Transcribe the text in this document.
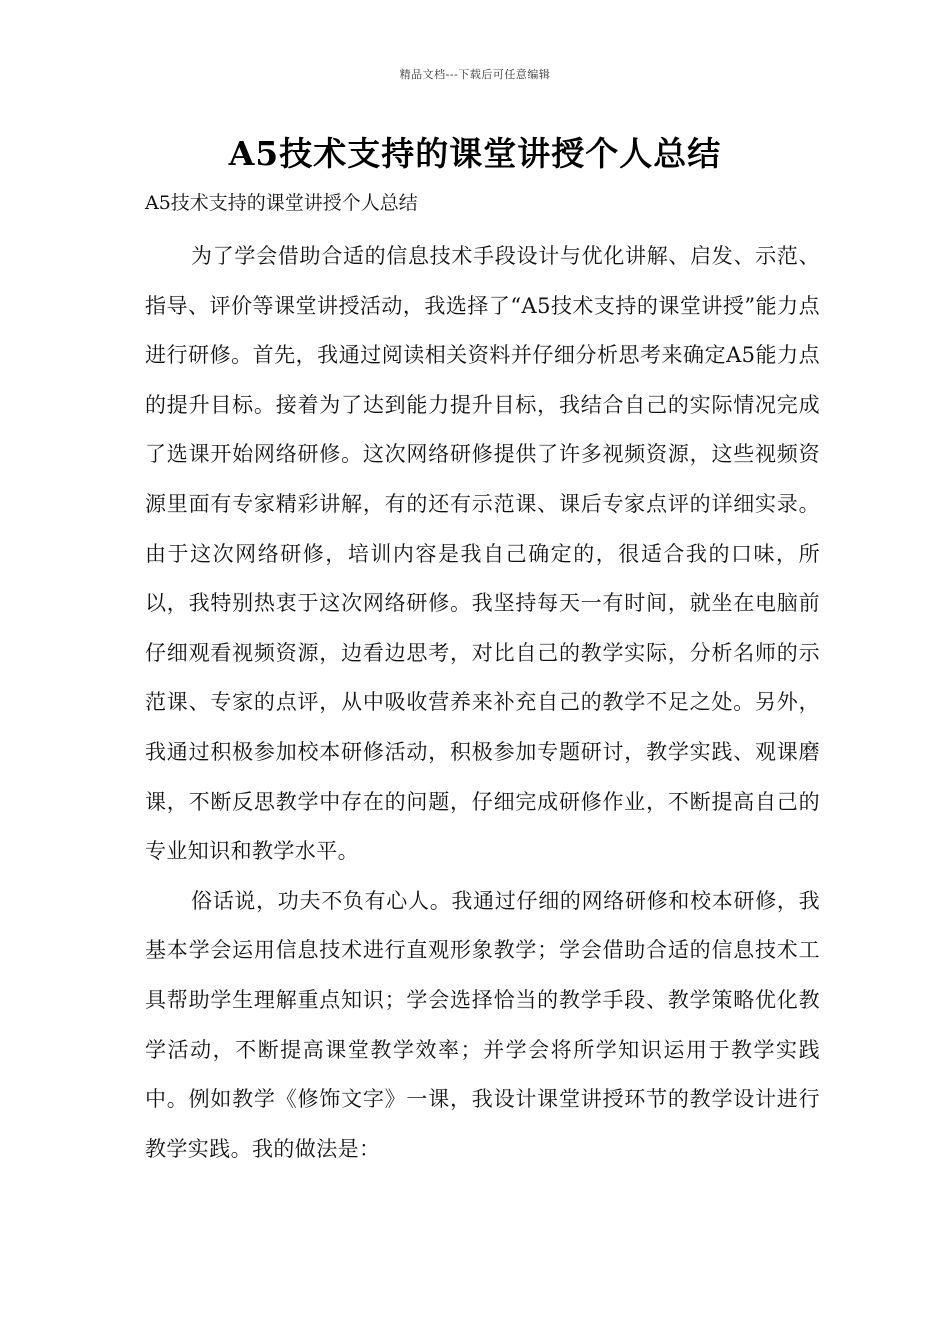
精品文档---下载后可任意编辑
A5技术支持的课堂讲授个人总结
A5技术支持的课堂讲授个人总结

为了学会借助合适的信息技术手段设计与优化讲解、启发、示范、指导、评价等课堂讲授活动，我选择了“A5技术支持的课堂讲授”能力点进行研修。首先，我通过阅读相关资料并仔细分析思考来确定A5能力点的提升目标。接着为了达到能力提升目标，我结合自己的实际情况完成了选课开始网络研修。这次网络研修提供了许多视频资源，这些视频资源里面有专家精彩讲解，有的还有示范课、课后专家点评的详细实录。由于这次网络研修，培训内容是我自己确定的，很适合我的口味，所以，我特别热衷于这次网络研修。我坚持每天一有时间，就坐在电脑前仔细观看视频资源，边看边思考，对比自己的教学实际，分析名师的示范课、专家的点评，从中吸收营养来补充自己的教学不足之处。另外，我通过积极参加校本研修活动，积极参加专题研讨，教学实践、观课磨课，不断反思教学中存在的问题，仔细完成研修作业，不断提高自己的专业知识和教学水平。

俗话说，功夫不负有心人。我通过仔细的网络研修和校本研修，我基本学会运用信息技术进行直观形象教学；学会借助合适的信息技术工具帮助学生理解重点知识；学会选择恰当的教学手段、教学策略优化教学活动，不断提高课堂教学效率；并学会将所学知识运用于教学实践中。例如教学《修饰文字》一课，我设计课堂讲授环节的教学设计进行教学实践。我的做法是：
